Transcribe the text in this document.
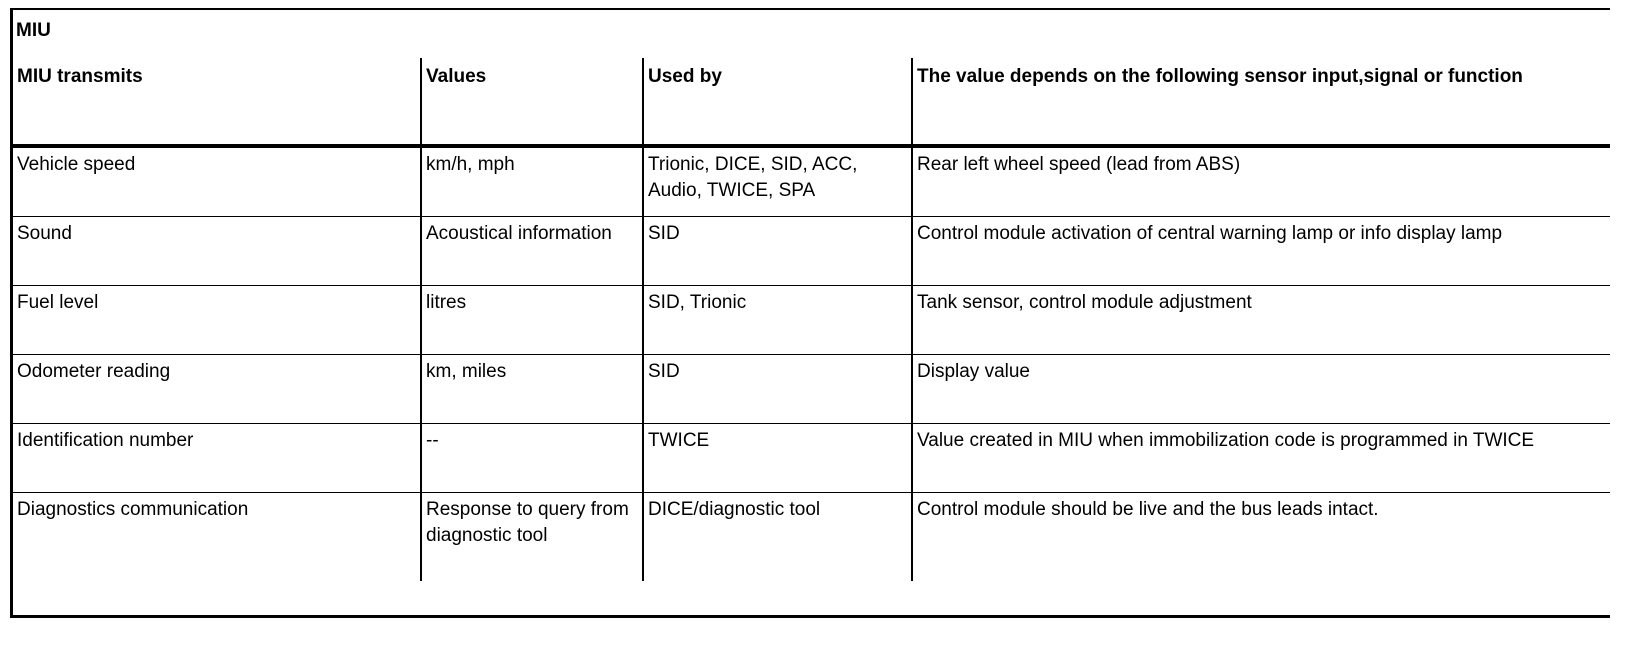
MIU
MIU transmits	Values	Used by	The value depends on the following sensor input,signal or function
Vehicle speed	km/h, mph	Trionic, DICE, SID, ACC, Audio, TWICE, SPA	Rear left wheel speed (lead from ABS)
Sound	Acoustical information	SID	Control module activation of central warning lamp or info display lamp
Fuel level	litres	SID, Trionic	Tank sensor, control module adjustment
Odometer reading	km, miles	SID	Display value
Identification number	--	TWICE	Value created in MIU when immobilization code is programmed in TWICE
Diagnostics communication	Response to query from diagnostic tool	DICE/diagnostic tool	Control module should be live and the bus leads intact.
